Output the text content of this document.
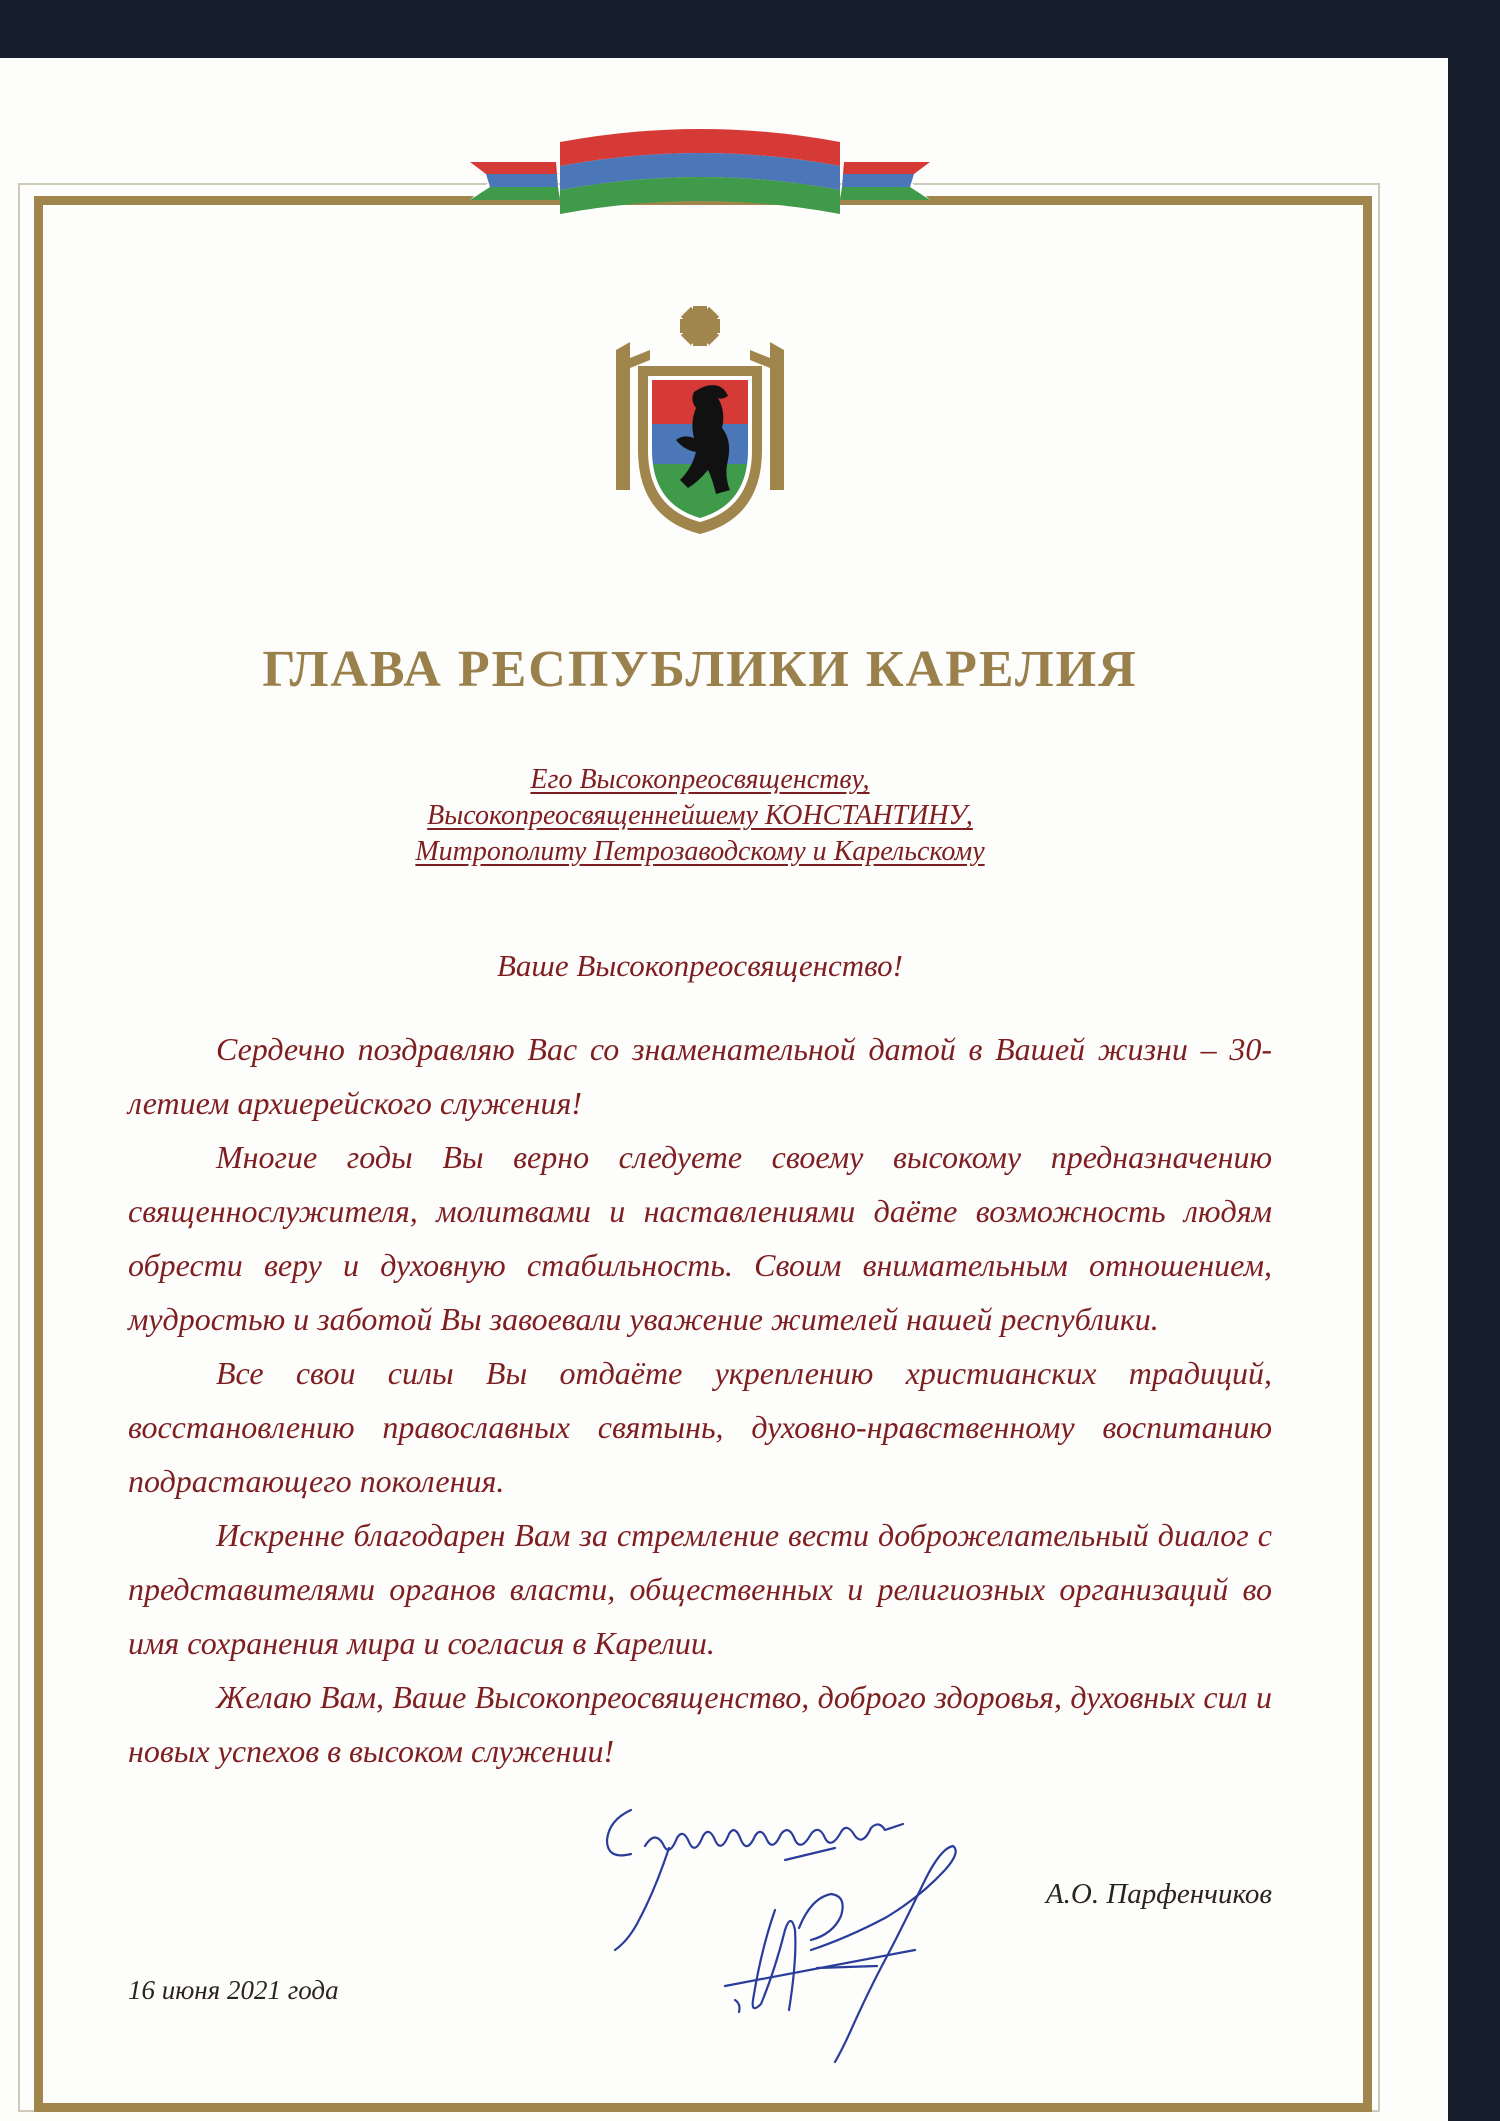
ГЛАВА РЕСПУБЛИКИ КАРЕЛИЯ
Его Высокопреосвященству,
Высокопреосвященнейшему КОНСТАНТИНУ,
Митрополиту Петрозаводскому и Карельскому
Ваше Высокопреосвященство!

Сердечно поздравляю Вас со знаменательной датой в Вашей жизни – 30-летием архиерейского служения!

Многие годы Вы верно следуете своему высокому предназначению священнослужителя, молитвами и наставлениями даёте возможность людям обрести веру и духовную стабильность. Своим внимательным отношением, мудростью и заботой Вы завоевали уважение жителей нашей республики.

Все свои силы Вы отдаёте укреплению христианских традиций, восстановлению православных святынь, духовно-нравственному воспитанию подрастающего поколения.

Искренне благодарен Вам за стремление вести доброжелательный диалог с представителями органов власти, общественных и религиозных организаций во имя сохранения мира и согласия в Карелии.

Желаю Вам, Ваше Высокопреосвященство, доброго здоровья, духовных сил и новых успехов в высоком служении!

А.О. Парфенчиков
16 июня 2021 года
